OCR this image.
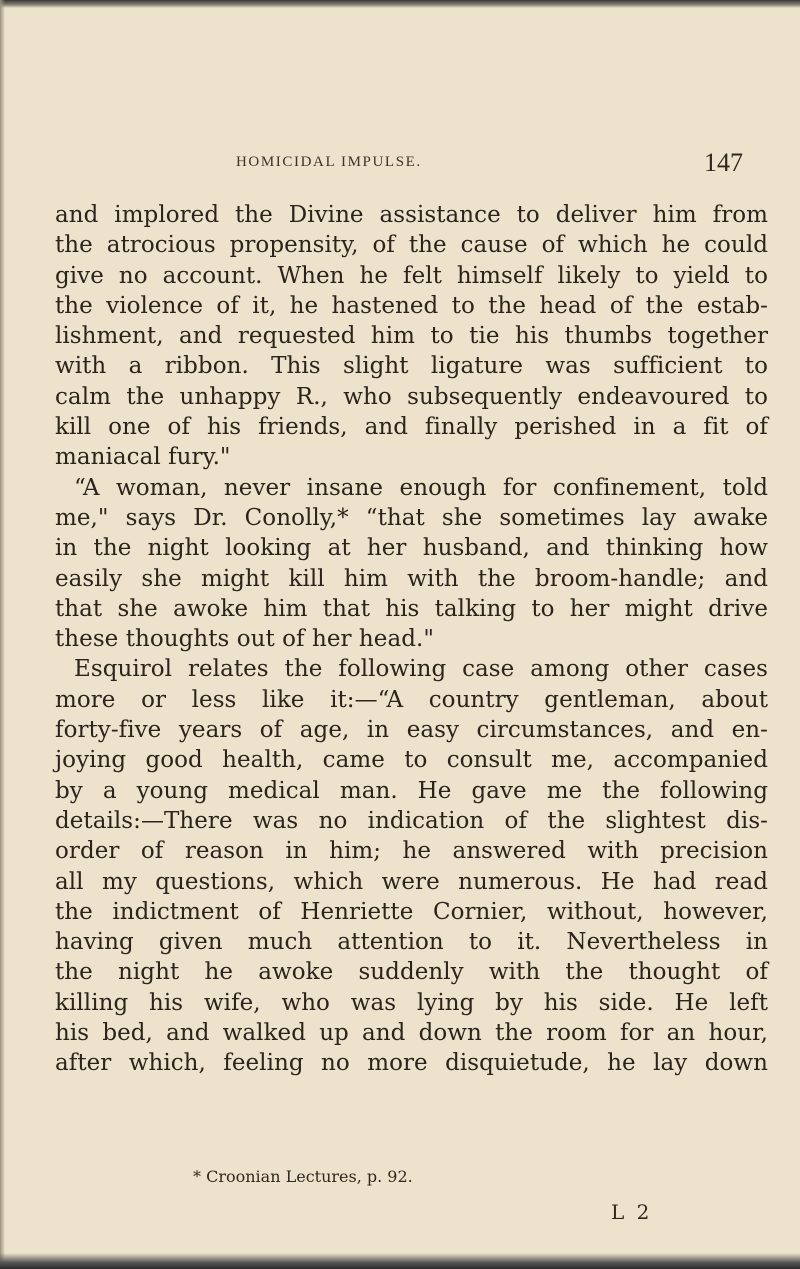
HOMICIDAL IMPULSE.	147
and implored the Divine assistance to deliver him from
the atrocious propensity, of the cause of which he could
give no account. When he felt himself likely to yield to
the violence of it, he hastened to the head of the estab-
lishment, and requested him to tie his thumbs together
with a ribbon. This slight ligature was sufficient to
calm the unhappy R., who subsequently endeavoured to
kill one of his friends, and finally perished in a fit of
maniacal fury."
“A woman, never insane enough for confinement, told
me," says Dr. Conolly,* “that she sometimes lay awake
in the night looking at her husband, and thinking how
easily she might kill him with the broom-handle; and
that she awoke him that his talking to her might drive
these thoughts out of her head."
Esquirol relates the following case among other cases
more or less like it:—“A country gentleman, about
forty-five years of age, in easy circumstances, and en-
joying good health, came to consult me, accompanied
by a young medical man. He gave me the following
details:—There was no indication of the slightest dis-
order of reason in him; he answered with precision
all my questions, which were numerous. He had read
the indictment of Henriette Cornier, without, however,
having given much attention to it. Nevertheless in
the night he awoke suddenly with the thought of
killing his wife, who was lying by his side. He left
his bed, and walked up and down the room for an hour,
after which, feeling no more disquietude, he lay down
* Croonian Lectures, p. 92.
L 2
